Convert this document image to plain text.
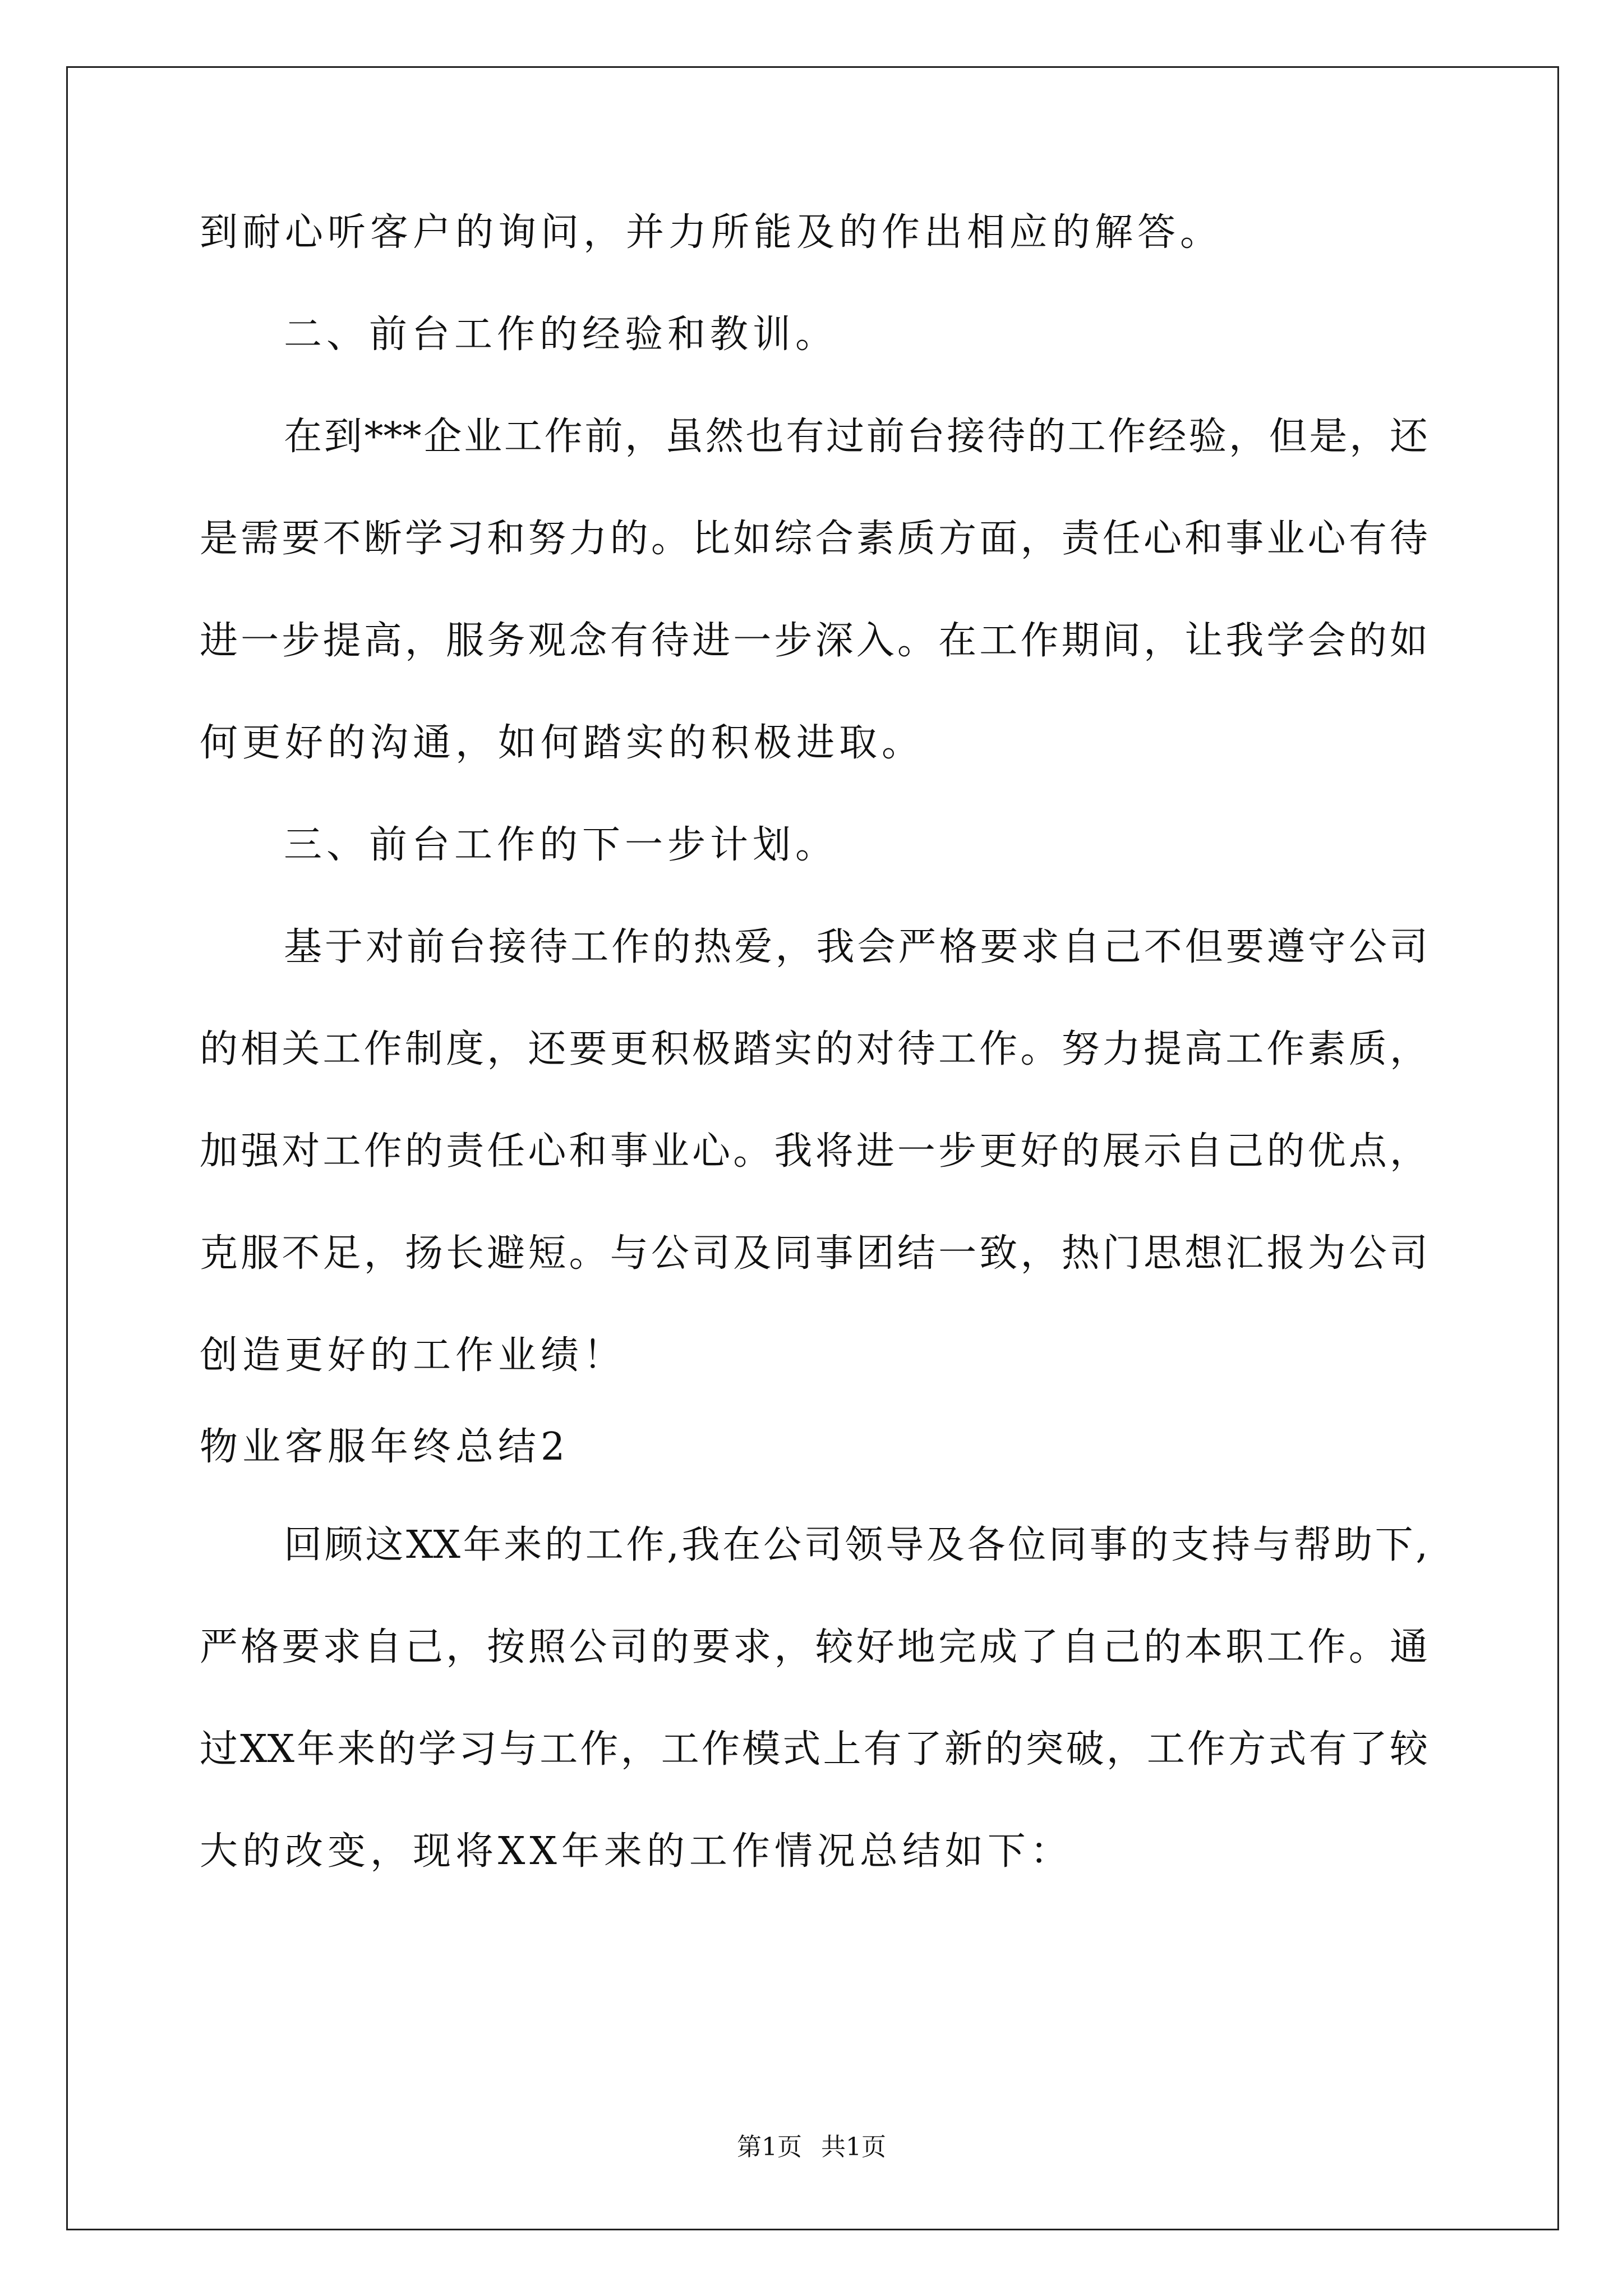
到耐心听客户的询问，并力所能及的作出相应的解答。
二、前台工作的经验和教训。
在到***企业工作前，虽然也有过前台接待的工作经验，但是，还
是需要不断学习和努力的。比如综合素质方面，责任心和事业心有待
进一步提高，服务观念有待进一步深入。在工作期间，让我学会的如
何更好的沟通，如何踏实的积极进取。
三、前台工作的下一步计划。
基于对前台接待工作的热爱，我会严格要求自己不但要遵守公司
的相关工作制度，还要更积极踏实的对待工作。努力提高工作素质，
加强对工作的责任心和事业心。我将进一步更好的展示自己的优点，
克服不足，扬长避短。与公司及同事团结一致，热门思想汇报为公司
创造更好的工作业绩！
物业客服年终总结2
回顾这XX年来的工作,我在公司领导及各位同事的支持与帮助下,
严格要求自己，按照公司的要求，较好地完成了自己的本职工作。通
过XX年来的学习与工作，工作模式上有了新的突破，工作方式有了较
大的改变，现将XX年来的工作情况总结如下：
第1页 共1页
